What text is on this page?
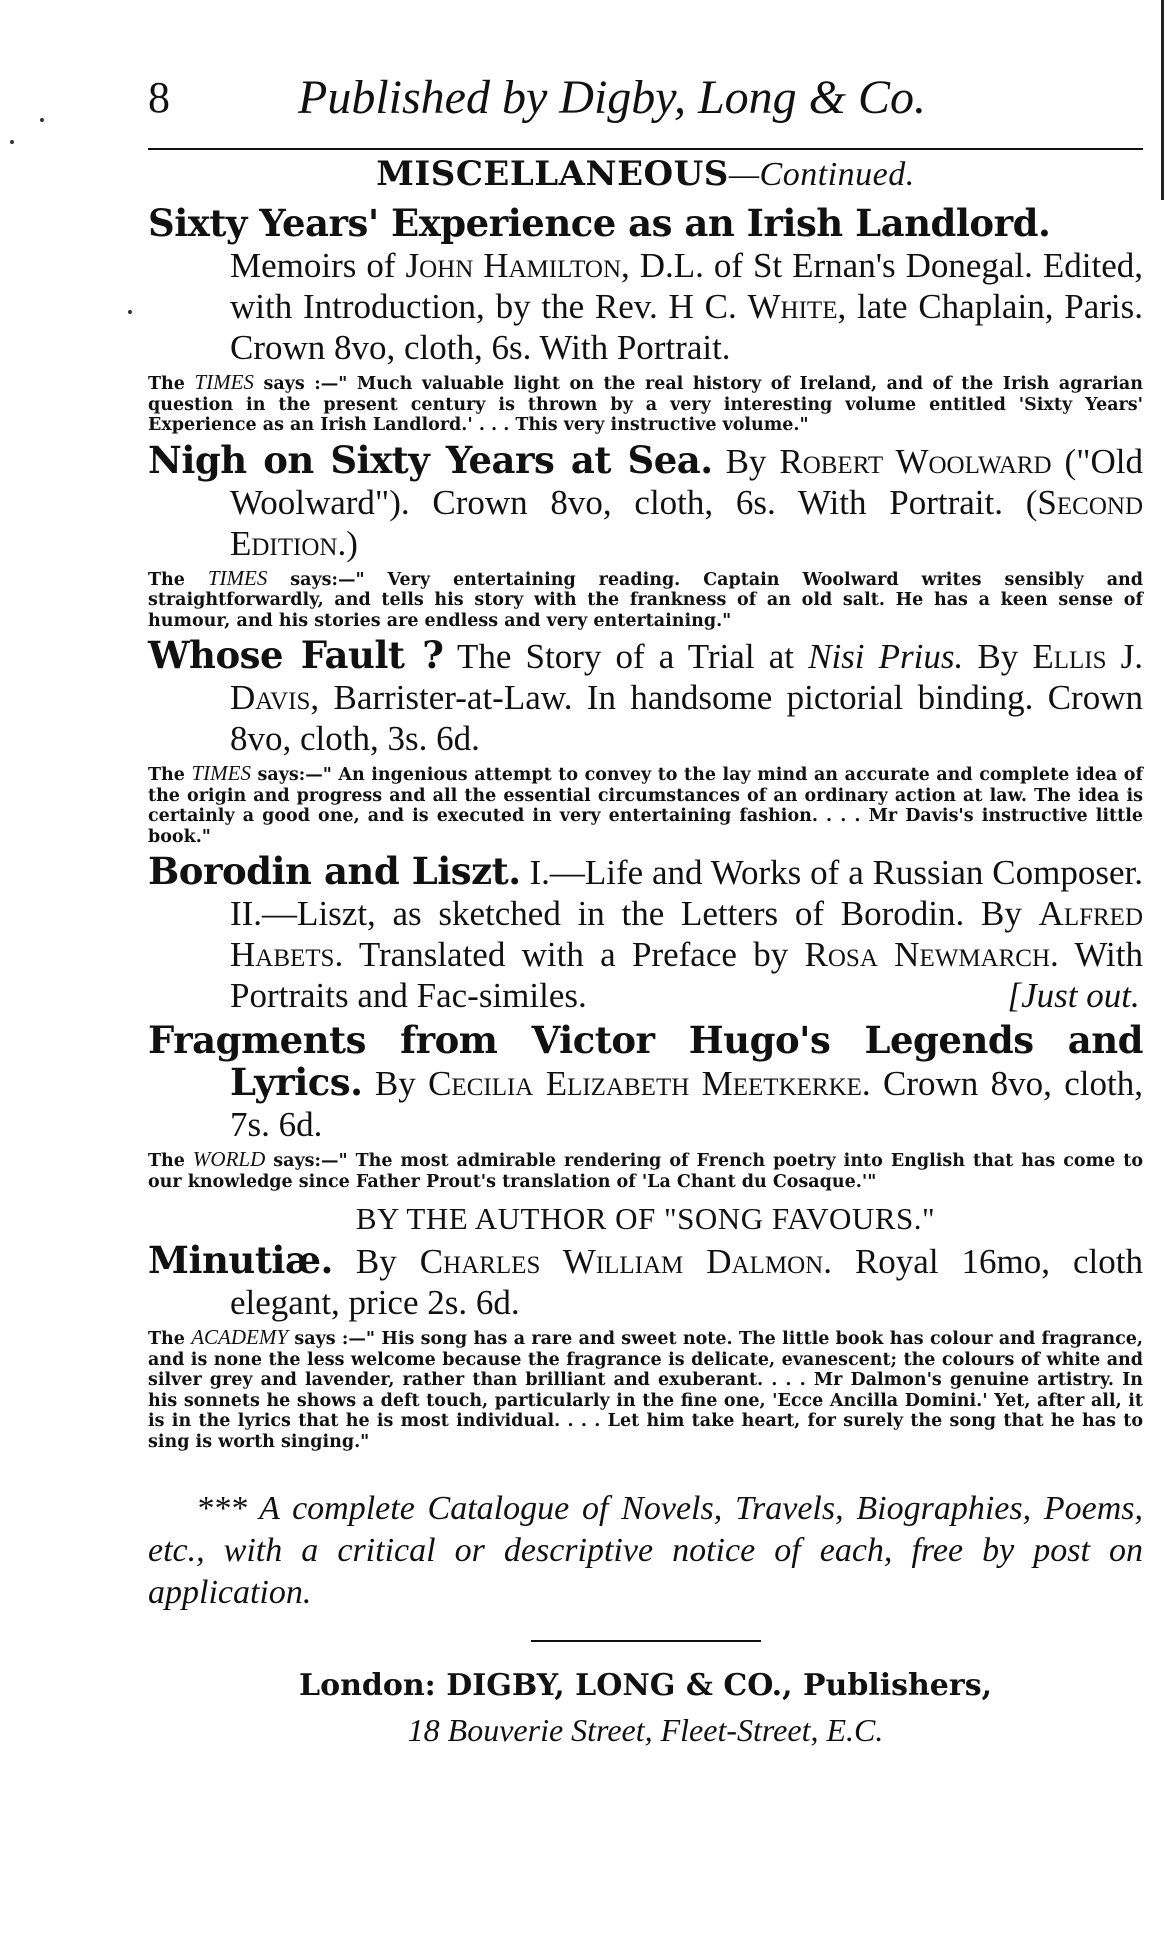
8	Published by Digby, Long & Co.
MISCELLANEOUS—Continued.
Sixty Years' Experience as an Irish Landlord.
Memoirs of John Hamilton, D.L. of St Ernan's Donegal. Edited, with Introduction, by the Rev. H C. White, late Chaplain, Paris. Crown 8vo, cloth, 6s. With Portrait.
The TIMES says :—" Much valuable light on the real history of Ireland, and of the Irish agrarian question in the present century is thrown by a very interesting volume entitled 'Sixty Years' Experience as an Irish Landlord.' . . . This very instructive volume."
Nigh on Sixty Years at Sea. By Robert Woolward ("Old Woolward"). Crown 8vo, cloth, 6s. With Portrait. (Second Edition.)
The TIMES says:—" Very entertaining reading. Captain Woolward writes sensibly and straightforwardly, and tells his story with the frankness of an old salt. He has a keen sense of humour, and his stories are endless and very entertaining."
Whose Fault ? The Story of a Trial at Nisi Prius. By Ellis J. Davis, Barrister-at-Law. In handsome pictorial binding. Crown 8vo, cloth, 3s. 6d.
The TIMES says:—" An ingenious attempt to convey to the lay mind an accurate and complete idea of the origin and progress and all the essential circumstances of an ordinary action at law. The idea is certainly a good one, and is executed in very entertaining fashion. . . . Mr Davis's instructive little book."
Borodin and Liszt. I.—Life and Works of a Russian Composer. II.—Liszt, as sketched in the Letters of Borodin. By Alfred Habets. Translated with a Preface by Rosa Newmarch. With Portraits and Fac-similes.	[Just out.
Fragments from Victor Hugo's Legends and Lyrics. By Cecilia Elizabeth Meetkerke. Crown 8vo, cloth, 7s. 6d.
The WORLD says:—" The most admirable rendering of French poetry into English that has come to our knowledge since Father Prout's translation of 'La Chant du Cosaque.'"
BY THE AUTHOR OF "SONG FAVOURS."
Minutiæ. By Charles William Dalmon. Royal 16mo, cloth elegant, price 2s. 6d.
The ACADEMY says :—" His song has a rare and sweet note. The little book has colour and fragrance, and is none the less welcome because the fragrance is delicate, evanescent; the colours of white and silver grey and lavender, rather than brilliant and exuberant. . . . Mr Dalmon's genuine artistry. In his sonnets he shows a deft touch, particularly in the fine one, 'Ecce Ancilla Domini.' Yet, after all, it is in the lyrics that he is most individual. . . . Let him take heart, for surely the song that he has to sing is worth singing."
*** A complete Catalogue of Novels, Travels, Biographies, Poems, etc., with a critical or descriptive notice of each, free by post on application.
London: DIGBY, LONG & CO., Publishers,
18 Bouverie Street, Fleet-Street, E.C.
